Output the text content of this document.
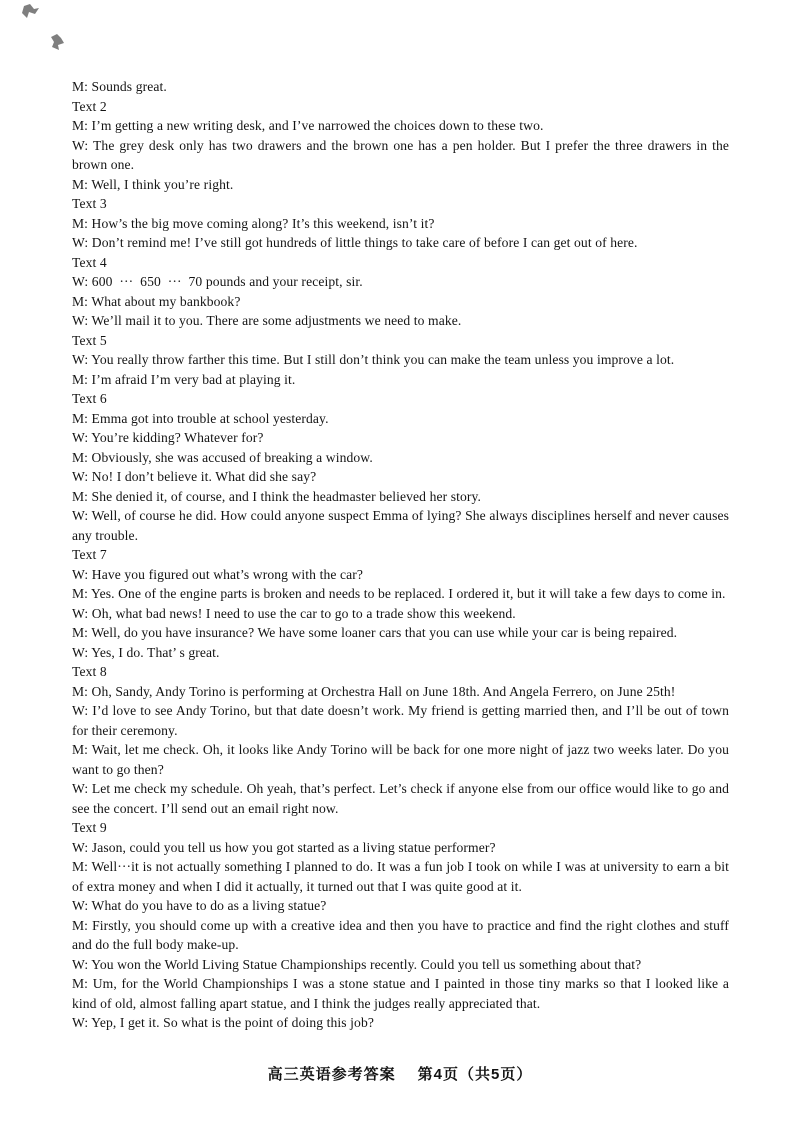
M: Sounds great.

Text 2

M: I’m getting a new writing desk, and I’ve narrowed the choices down to these two.

W: The grey desk only has two drawers and the brown one has a pen holder. But I prefer the three drawers in the brown one.

M: Well, I think you’re right.

Text 3

M: How’s the big move coming along? It’s this weekend, isn’t it?

W: Don’t remind me! I’ve still got hundreds of little things to take care of before I can get out of here.

Text 4

W: 600 ··· 650 ··· 70 pounds and your receipt, sir.

M: What about my bankbook?

W: We’ll mail it to you. There are some adjustments we need to make.

Text 5

W: You really throw farther this time. But I still don’t think you can make the team unless you improve a lot.

M: I’m afraid I’m very bad at playing it.

Text 6

M: Emma got into trouble at school yesterday.

W: You’re kidding? Whatever for?

M: Obviously, she was accused of breaking a window.

W: No! I don’t believe it. What did she say?

M: She denied it, of course, and I think the headmaster believed her story.

W: Well, of course he did. How could anyone suspect Emma of lying? She always disciplines herself and never causes any trouble.

Text 7

W: Have you figured out what’s wrong with the car?

M: Yes. One of the engine parts is broken and needs to be replaced. I ordered it, but it will take a few days to come in.

W: Oh, what bad news! I need to use the car to go to a trade show this weekend.

M: Well, do you have insurance? We have some loaner cars that you can use while your car is being repaired.

W: Yes, I do. That’ s great.

Text 8

M: Oh, Sandy, Andy Torino is performing at Orchestra Hall on June 18th. And Angela Ferrero, on June 25th!

W: I’d love to see Andy Torino, but that date doesn’t work. My friend is getting married then, and I’ll be out of town for their ceremony.

M: Wait, let me check. Oh, it looks like Andy Torino will be back for one more night of jazz two weeks later. Do you want to go then?

W: Let me check my schedule. Oh yeah, that’s perfect. Let’s check if anyone else from our office would like to go and see the concert. I’ll send out an email right now.

Text 9

W: Jason, could you tell us how you got started as a living statue performer?

M: Well···it is not actually something I planned to do. It was a fun job I took on while I was at university to earn a bit of extra money and when I did it actually, it turned out that I was quite good at it.

W: What do you have to do as a living statue?

M: Firstly, you should come up with a creative idea and then you have to practice and find the right clothes and stuff and do the full body make-up.

W: You won the World Living Statue Championships recently. Could you tell us something about that?

M: Um, for the World Championships I was a stone statue and I painted in those tiny marks so that I looked like a kind of old, almost falling apart statue, and I think the judges really appreciated that.

W: Yep, I get it. So what is the point of doing this job?

高三英语参考答案 第4页（共5页）
